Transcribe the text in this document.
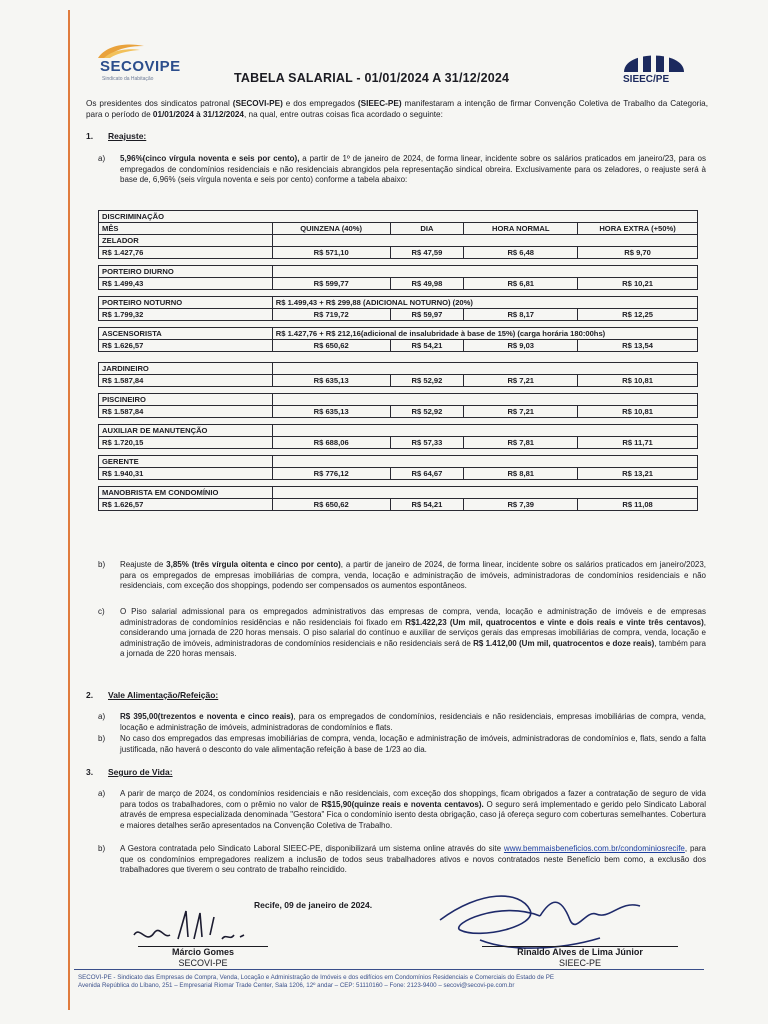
SECOVIPE
Sindicato da Habitação	SIEEC/PE
TABELA SALARIAL - 01/01/2024 A 31/12/2024
Os presidentes dos sindicatos patronal (SECOVI-PE) e dos empregados (SIEEC-PE) manifestaram a intenção de firmar Convenção Coletiva de Trabalho da Categoria, para o período de 01/01/2024 à 31/12/2024, na qual, entre outras coisas fica acordado o seguinte:
1. Reajuste:
a) 5,96%(cinco vírgula noventa e seis por cento), a partir de 1º de janeiro de 2024, de forma linear, incidente sobre os salários praticados em janeiro/23, para os empregados de condomínios residenciais e não residenciais abrangidos pela representação sindical obreira. Exclusivamente para os zeladores, o reajuste será à base de, 6,96% (seis vírgula noventa e seis por cento) conforme a tabela abaixo:
DISCRIMINAÇÃO				
MÊS	QUINZENA (40%)	DIA	HORA NORMAL	HORA EXTRA (+50%)
ZELADOR				
R$ 1.427,76	R$ 571,10	R$ 47,59	R$ 6,48	R$ 9,70

PORTEIRO DIURNO				
R$ 1.499,43	R$ 599,77	R$ 49,98	R$ 6,81	R$ 10,21

PORTEIRO NOTURNO	R$ 1.499,43 + R$ 299,88 (ADICIONAL NOTURNO) (20%)			
R$ 1.799,32	R$ 719,72	R$ 59,97	R$ 8,17	R$ 12,25

ASCENSORISTA	R$ 1.427,76 + R$ 212,16(adicional de insalubridade à base de 15%) (carga horária 180:00hs)			
R$ 1.626,57	R$ 650,62	R$ 54,21	R$ 9,03	R$ 13,54

JARDINEIRO				
R$ 1.587,84	R$ 635,13	R$ 52,92	R$ 7,21	R$ 10,81

PISCINEIRO				
R$ 1.587,84	R$ 635,13	R$ 52,92	R$ 7,21	R$ 10,81

AUXILIAR DE MANUTENÇÃO				
R$ 1.720,15	R$ 688,06	R$ 57,33	R$ 7,81	R$ 11,71

GERENTE				
R$ 1.940,31	R$ 776,12	R$ 64,67	R$ 8,81	R$ 13,21

MANOBRISTA EM CONDOMÍNIO				
R$ 1.626,57	R$ 650,62	R$ 54,21	R$ 7,39	R$ 11,08
b) Reajuste de 3,85% (três vírgula oitenta e cinco por cento), a partir de janeiro de 2024, de forma linear, incidente sobre os salários praticados em janeiro/2023, para os empregados de empresas imobiliárias de compra, venda, locação e administração de imóveis, administradoras de condomínios residenciais e não residenciais, com exceção dos shoppings, podendo ser compensados os aumentos espontâneos.
c) O Piso salarial admissional para os empregados administrativos das empresas de compra, venda, locação e administração de imóveis e de empresas administradoras de condomínios residências e não residenciais foi fixado em R$1.422,23 (Um mil, quatrocentos e vinte e dois reais e vinte três centavos), considerando uma jornada de 220 horas mensais. O piso salarial do contínuo e auxiliar de serviços gerais das empresas imobiliárias de compra, venda, locação e administração de imóveis, administradoras de condomínios residenciais e não residenciais será de R$ 1.412,00 (Um mil, quatrocentos e doze reais), também para a jornada de 220 horas mensais.
2. Vale Alimentação/Refeição:
a) R$ 395,00(trezentos e noventa e cinco reais), para os empregados de condomínios, residenciais e não residenciais, empresas imobiliárias de compra, venda, locação e administração de imóveis, administradoras de condomínios e flats.
b) No caso dos empregados das empresas imobiliárias de compra, venda, locação e administração de imóveis, administradoras de condomínios e, flats, sendo a falta justificada, não haverá o desconto do vale alimentação refeição à base de 1/23 ao dia.
3. Seguro de Vida:
a) A parir de março de 2024, os condomínios residenciais e não residenciais, com exceção dos shoppings, ficam obrigados a fazer a contratação de seguro de vida para todos os trabalhadores, com o prêmio no valor de R$15,90(quinze reais e noventa centavos). O seguro será implementado e gerido pelo Sindicato Laboral através de empresa especializada denominada "Gestora" Fica o condomínio isento desta obrigação, caso já ofereça seguro com coberturas semelhantes. Cobertura e maiores detalhes serão apresentados na Convenção Coletiva de Trabalho.
b) A Gestora contratada pelo Sindicato Laboral SIEEC-PE, disponibilizará um sistema online através do site www.bemmaisbeneficios.com.br/condominiosrecife, para que os condomínios empregadores realizem a inclusão de todos seus trabalhadores ativos e novos contratados neste Benefício bem como, a exclusão dos trabalhadores que tiverem o seu contrato de trabalho reincidido.
Recife, 09 de janeiro de 2024.
Márcio Gomes
SECOVI-PE
Rinaldo Alves de Lima Júnior
SIEEC-PE
SECOVI-PE - Sindicato das Empresas de Compra, Venda, Locação e Administração de Imóveis e dos edifícios em Condomínios Residenciais e Comerciais do Estado de PE
Avenida República do Líbano, 251 – Empresarial Riomar Trade Center, Sala 1206, 12º andar – CEP: 51110160 – Fone: 2123-9400 – secovi@secovi-pe.com.br
